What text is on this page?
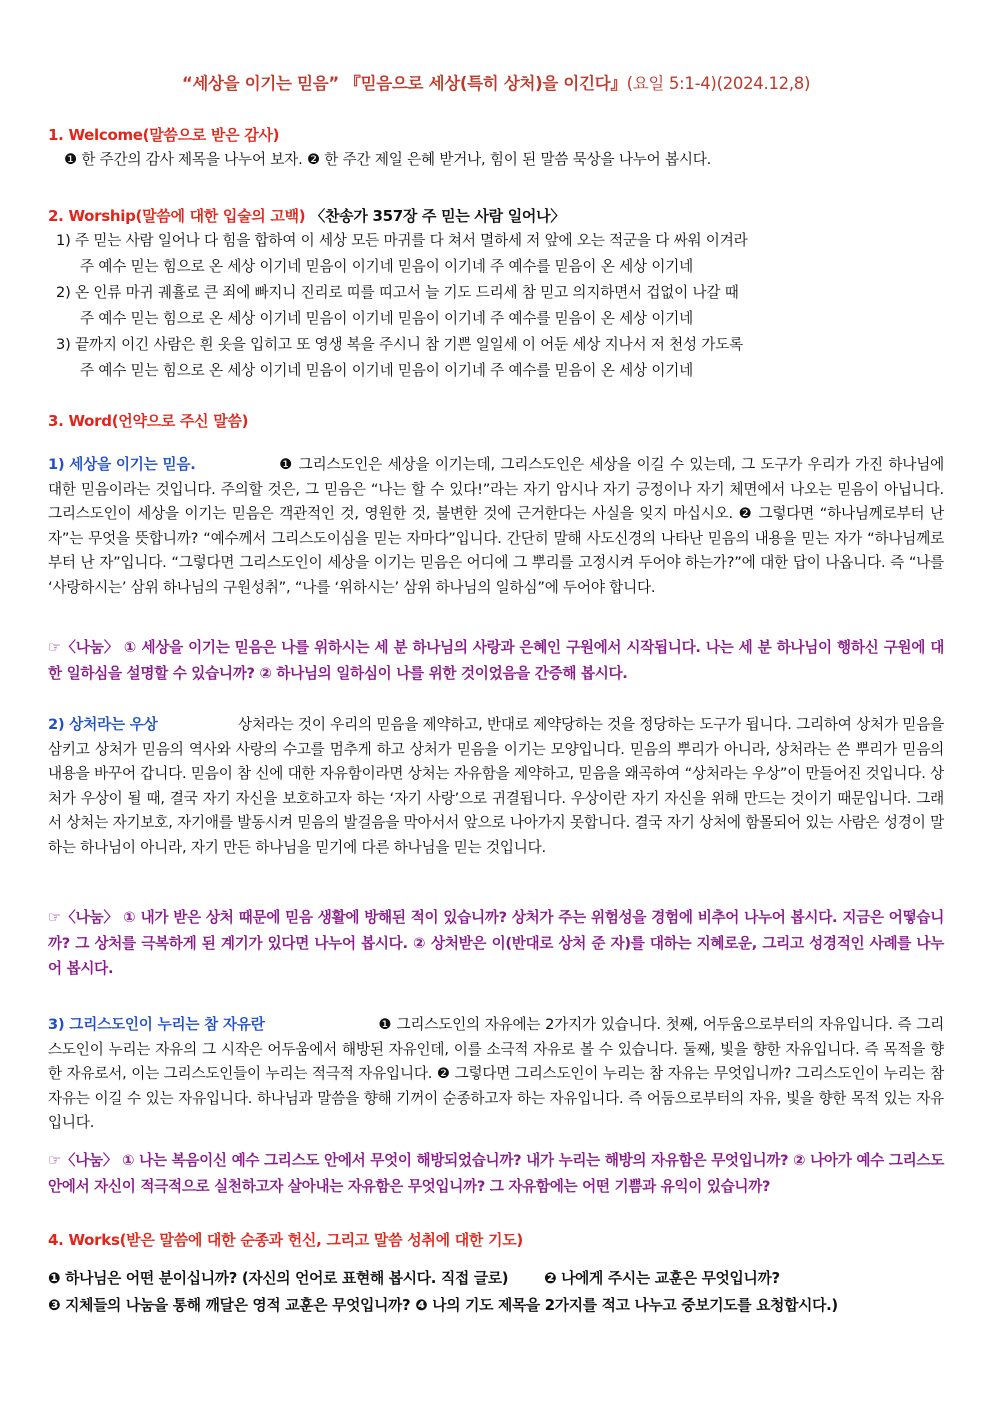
“세상을 이기는 믿음” 『믿음으로 세상(특히 상처)을 이긴다』(요일 5:1-4)(2024.12,8)
1. Welcome(말씀으로 받은 감사)
❶ 한 주간의 감사 제목을 나누어 보자. ❷ 한 주간 제일 은혜 받거나, 힘이 된 말씀 묵상을 나누어 봅시다.
2. Worship(말씀에 대한 입술의 고백) 〈찬송가 357장 주 믿는 사람 일어나〉
1) 주 믿는 사람 일어나 다 힘을 합하여 이 세상 모든 마귀를 다 쳐서 멸하세 저 앞에 오는 적군을 다 싸워 이겨라
주 예수 믿는 힘으로 온 세상 이기네 믿음이 이기네 믿음이 이기네 주 예수를 믿음이 온 세상 이기네
2) 온 인류 마귀 궤휼로 큰 죄에 빠지니 진리로 띠를 띠고서 늘 기도 드리세 참 믿고 의지하면서 겁없이 나갈 때
주 예수 믿는 힘으로 온 세상 이기네 믿음이 이기네 믿음이 이기네 주 예수를 믿음이 온 세상 이기네
3) 끝까지 이긴 사람은 흰 옷을 입히고 또 영생 복을 주시니 참 기쁜 일일세 이 어둔 세상 지나서 저 천성 가도록
주 예수 믿는 힘으로 온 세상 이기네 믿음이 이기네 믿음이 이기네 주 예수를 믿음이 온 세상 이기네
3. Word(언약으로 주신 말씀)
1) 세상을 이기는 믿음.	❶ 그리스도인은 세상을 이기는데, 그리스도인은 세상을 이길 수 있는데, 그 도구가 우리가 가진 하나님에 대한 믿음이라는 것입니다. 주의할 것은, 그 믿음은 “나는 할 수 있다!”라는 자기 암시나 자기 긍정이나 자기 체면에서 나오는 믿음이 아닙니다. 그리스도인이 세상을 이기는 믿음은 객관적인 것, 영원한 것, 불변한 것에 근거한다는 사실을 잊지 마십시오. ❷ 그렇다면 “하나님께로부터 난 자”는 무엇을 뜻합니까? “예수께서 그리스도이심을 믿는 자마다”입니다. 간단히 말해 사도신경의 나타난 믿음의 내용을 믿는 자가 “하나님께로부터 난 자”입니다. “그렇다면 그리스도인이 세상을 이기는 믿음은 어디에 그 뿌리를 고정시켜 두어야 하는가?”에 대한 답이 나옵니다. 즉 “나를 ‘사랑하시는’ 삼위 하나님의 구원성취”, “나를 ‘위하시는’ 삼위 하나님의 일하심”에 두어야 합니다.
☞〈나눔〉 ① 세상을 이기는 믿음은 나를 위하시는 세 분 하나님의 사랑과 은혜인 구원에서 시작됩니다. 나는 세 분 하나님이 행하신 구원에 대한 일하심을 설명할 수 있습니까? ② 하나님의 일하심이 나를 위한 것이었음을 간증해 봅시다.
2) 상처라는 우상	상처라는 것이 우리의 믿음을 제약하고, 반대로 제약당하는 것을 정당하는 도구가 됩니다. 그리하여 상처가 믿음을 삼키고 상처가 믿음의 역사와 사랑의 수고를 멈추게 하고 상처가 믿음을 이기는 모양입니다. 믿음의 뿌리가 아니라, 상처라는 쓴 뿌리가 믿음의 내용을 바꾸어 갑니다. 믿음이 참 신에 대한 자유함이라면 상처는 자유함을 제약하고, 믿음을 왜곡하여 “상처라는 우상”이 만들어진 것입니다. 상처가 우상이 될 때, 결국 자기 자신을 보호하고자 하는 ‘자기 사랑’으로 귀결됩니다. 우상이란 자기 자신을 위해 만드는 것이기 때문입니다. 그래서 상처는 자기보호, 자기애를 발동시켜 믿음의 발걸음을 막아서서 앞으로 나아가지 못합니다. 결국 자기 상처에 함몰되어 있는 사람은 성경이 말하는 하나님이 아니라, 자기 만든 하나님을 믿기에 다른 하나님을 믿는 것입니다.
☞〈나눔〉 ① 내가 받은 상처 때문에 믿음 생활에 방해된 적이 있습니까? 상처가 주는 위험성을 경험에 비추어 나누어 봅시다. 지금은 어떻습니까? 그 상처를 극복하게 된 계기가 있다면 나누어 봅시다. ② 상처받은 이(반대로 상처 준 자)를 대하는 지혜로운, 그리고 성경적인 사례를 나누어 봅시다.
3) 그리스도인이 누리는 참 자유란	❶ 그리스도인의 자유에는 2가지가 있습니다. 첫째, 어두움으로부터의 자유입니다. 즉 그리스도인이 누리는 자유의 그 시작은 어두움에서 해방된 자유인데, 이를 소극적 자유로 볼 수 있습니다. 둘째, 빛을 향한 자유입니다. 즉 목적을 향한 자유로서, 이는 그리스도인들이 누리는 적극적 자유입니다. ❷ 그렇다면 그리스도인이 누리는 참 자유는 무엇입니까? 그리스도인이 누리는 참 자유는 이길 수 있는 자유입니다. 하나님과 말씀을 향해 기꺼이 순종하고자 하는 자유입니다. 즉 어둠으로부터의 자유, 빛을 향한 목적 있는 자유입니다.
☞〈나눔〉 ① 나는 복음이신 예수 그리스도 안에서 무엇이 해방되었습니까? 내가 누리는 해방의 자유함은 무엇입니까? ② 나아가 예수 그리스도 안에서 자신이 적극적으로 실천하고자 살아내는 자유함은 무엇입니까? 그 자유함에는 어떤 기쁨과 유익이 있습니까?
4. Works(받은 말씀에 대한 순종과 헌신, 그리고 말씀 성취에 대한 기도)
❶ 하나님은 어떤 분이십니까? (자신의 언어로 표현해 봅시다. 직접 글로) ❷ 나에게 주시는 교훈은 무엇입니까?
❸ 지체들의 나눔을 통해 깨달은 영적 교훈은 무엇입니까? ❹ 나의 기도 제목을 2가지를 적고 나누고 중보기도를 요청합시다.)
